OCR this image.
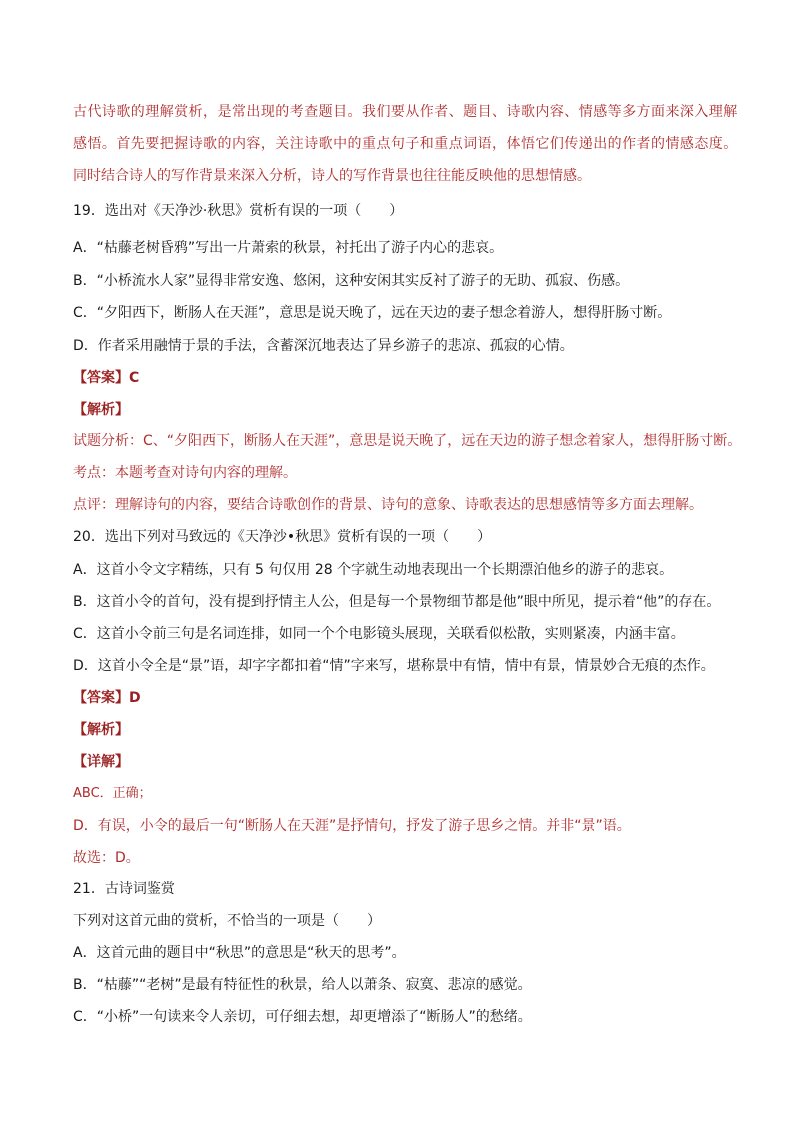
古代诗歌的理解赏析，是常出现的考查题目。我们要从作者、题目、诗歌内容、情感等多方面来深入理解
感悟。首先要把握诗歌的内容，关注诗歌中的重点句子和重点词语，体悟它们传递出的作者的情感态度。
同时结合诗人的写作背景来深入分析，诗人的写作背景也往往能反映他的思想情感。
19．选出对《天净沙·秋思》赏析有误的一项（　　）
A．“枯藤老树昏鸦”写出一片萧索的秋景，衬托出了游子内心的悲哀。
B．“小桥流水人家”显得非常安逸、悠闲，这种安闲其实反衬了游子的无助、孤寂、伤感。
C．“夕阳西下，断肠人在天涯”，意思是说天晚了，远在天边的妻子想念着游人，想得肝肠寸断。
D．作者采用融情于景的手法，含蓄深沉地表达了异乡游子的悲凉、孤寂的心情。
【答案】C
【解析】
试题分析：C、“夕阳西下，断肠人在天涯”，意思是说天晚了，远在天边的游子想念着家人，想得肝肠寸断。
考点：本题考查对诗句内容的理解。
点评：理解诗句的内容，要结合诗歌创作的背景、诗句的意象、诗歌表达的思想感情等多方面去理解。
20．选出下列对马致远的《天净沙•秋思》赏析有误的一项（　　）
A．这首小令文字精练，只有 5 句仅用 28 个字就生动地表现出一个长期漂泊他乡的游子的悲哀。
B．这首小令的首句，没有提到抒情主人公，但是每一个景物细节都是他”眼中所见，提示着“他”的存在。
C．这首小令前三句是名词连排，如同一个个电影镜头展现，关联看似松散，实则紧凑，内涵丰富。
D．这首小令全是“景”语，却字字都扣着“情”字来写，堪称景中有情，情中有景，情景妙合无痕的杰作。
【答案】D
【解析】
【详解】
ABC．正确；
D．有误，小令的最后一句“断肠人在天涯”是抒情句，抒发了游子思乡之情。并非“景”语。
故选：D。
21．古诗词鉴赏
下列对这首元曲的赏析，不恰当的一项是（　　）
A．这首元曲的题目中“秋思”的意思是“秋天的思考”。
B．“枯藤”“老树”是最有特征性的秋景，给人以萧条、寂寞、悲凉的感觉。
C．“小桥”一句读来令人亲切，可仔细去想，却更增添了“断肠人”的愁绪。
